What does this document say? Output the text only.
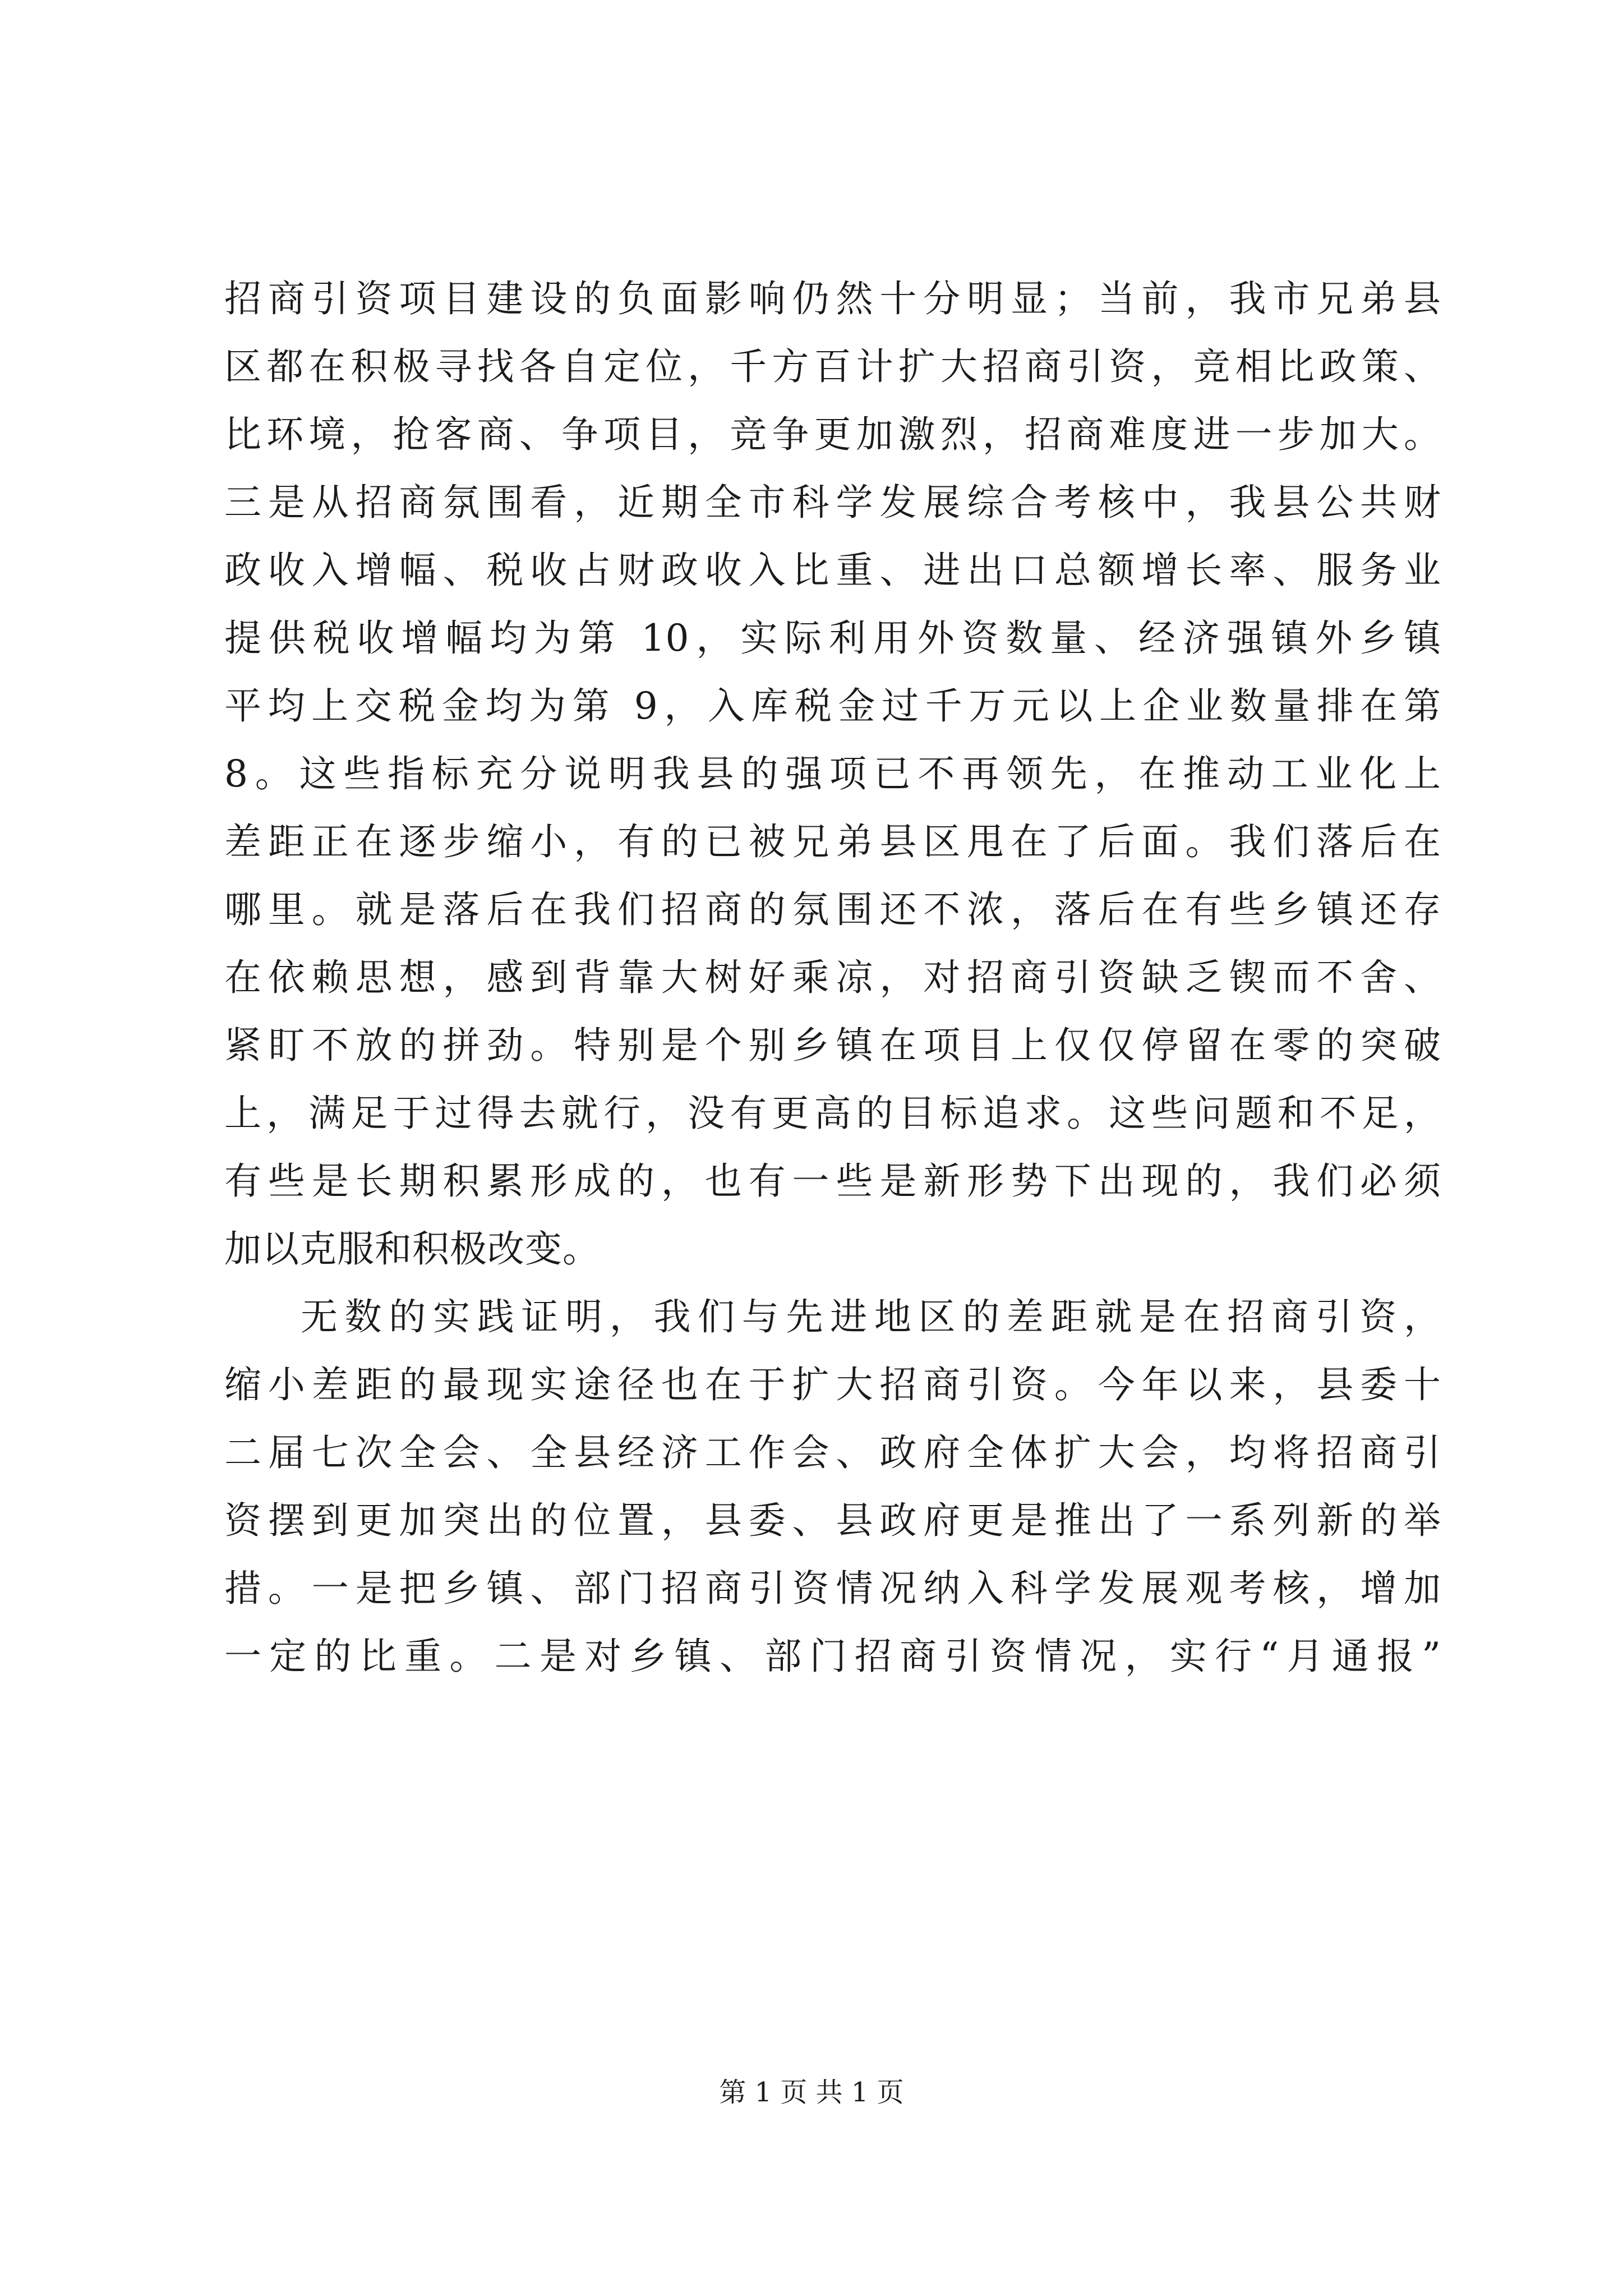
招商引资项目建设的负面影响仍然十分明显；当前，我市兄弟县
区都在积极寻找各自定位，千方百计扩大招商引资，竞相比政策、
比环境，抢客商、争项目，竞争更加激烈，招商难度进一步加大。
三是从招商氛围看，近期全市科学发展综合考核中，我县公共财
政收入增幅、税收占财政收入比重、进出口总额增长率、服务业
提供税收增幅均为第 10，实际利用外资数量、经济强镇外乡镇
平均上交税金均为第 9，入库税金过千万元以上企业数量排在第
8。这些指标充分说明我县的强项已不再领先，在推动工业化上
差距正在逐步缩小，有的已被兄弟县区甩在了后面。我们落后在
哪里。就是落后在我们招商的氛围还不浓，落后在有些乡镇还存
在依赖思想，感到背靠大树好乘凉，对招商引资缺乏锲而不舍、
紧盯不放的拼劲。特别是个别乡镇在项目上仅仅停留在零的突破
上，满足于过得去就行，没有更高的目标追求。这些问题和不足，
有些是长期积累形成的，也有一些是新形势下出现的，我们必须
加以克服和积极改变。
无数的实践证明，我们与先进地区的差距就是在招商引资，
缩小差距的最现实途径也在于扩大招商引资。今年以来，县委十
二届七次全会、全县经济工作会、政府全体扩大会，均将招商引
资摆到更加突出的位置，县委、县政府更是推出了一系列新的举
措。一是把乡镇、部门招商引资情况纳入科学发展观考核，增加
一定的比重。二是对乡镇、部门招商引资情况，实行“月通报”
第 1 页 共 1 页
